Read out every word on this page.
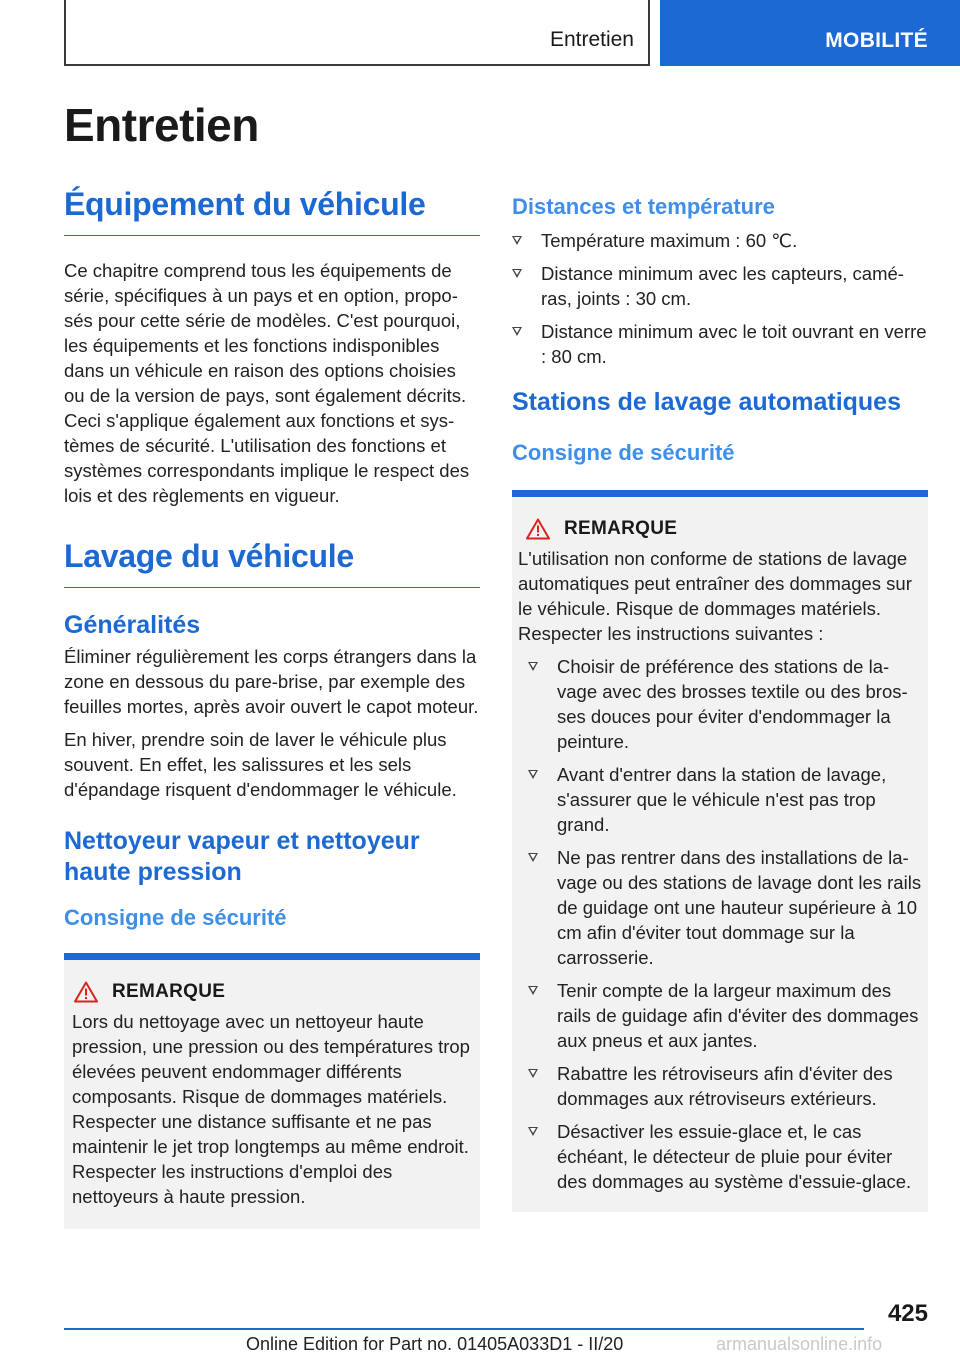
Entretien	MOBILITÉ
Entretien
Équipement du véhicule

Ce chapitre comprend tous les équipements de série, spécifiques à un pays et en option, proposés pour cette série de modèles. C'est pourquoi, les équipements et les fonctions indisponibles dans un véhicule en raison des options choisies ou de la version de pays, sont également décrits. Ceci s'applique également aux fonctions et systèmes de sécurité. L'utilisation des fonctions et systèmes correspondants implique le respect des lois et des règlements en vigueur.

Lavage du véhicule
Généralités

Éliminer régulièrement les corps étrangers dans la zone en dessous du pare-brise, par exemple des feuilles mortes, après avoir ouvert le capot moteur.

En hiver, prendre soin de laver le véhicule plus souvent. En effet, les salissures et les sels d'épandage risquent d'endommager le véhicule.

Nettoyeur vapeur et nettoyeur haute pression
Consigne de sécurité
REMARQUE

Lors du nettoyage avec un nettoyeur haute pression, une pression ou des températures trop élevées peuvent endommager différents composants. Risque de dommages matériels. Respecter une distance suffisante et ne pas maintenir le jet trop longtemps au même endroit. Respecter les instructions d'emploi des nettoyeurs à haute pression.

Distances et température
Température maximum : 60 ℃.
Distance minimum avec les capteurs, caméras, joints : 30 cm.
Distance minimum avec le toit ouvrant en verre : 80 cm.
Stations de lavage automatiques
Consigne de sécurité
REMARQUE

L'utilisation non conforme de stations de lavage automatiques peut entraîner des dommages sur le véhicule. Risque de dommages matériels. Respecter les instructions suivantes :

Choisir de préférence des stations de lavage avec des brosses textile ou des brosses douces pour éviter d'endommager la peinture.
Avant d'entrer dans la station de lavage, s'assurer que le véhicule n'est pas trop grand.
Ne pas rentrer dans des installations de lavage ou des stations de lavage dont les rails de guidage ont une hauteur supérieure à 10 cm afin d'éviter tout dommage sur la carrosserie.
Tenir compte de la largeur maximum des rails de guidage afin d'éviter des dommages aux pneus et aux jantes.
Rabattre les rétroviseurs afin d'éviter des dommages aux rétroviseurs extérieurs.
Désactiver les essuie-glace et, le cas échéant, le détecteur de pluie pour éviter des dommages au système d'essuie-glace.
425
Online Edition for Part no. 01405A033D1 - II/20	armanualsonline.info
